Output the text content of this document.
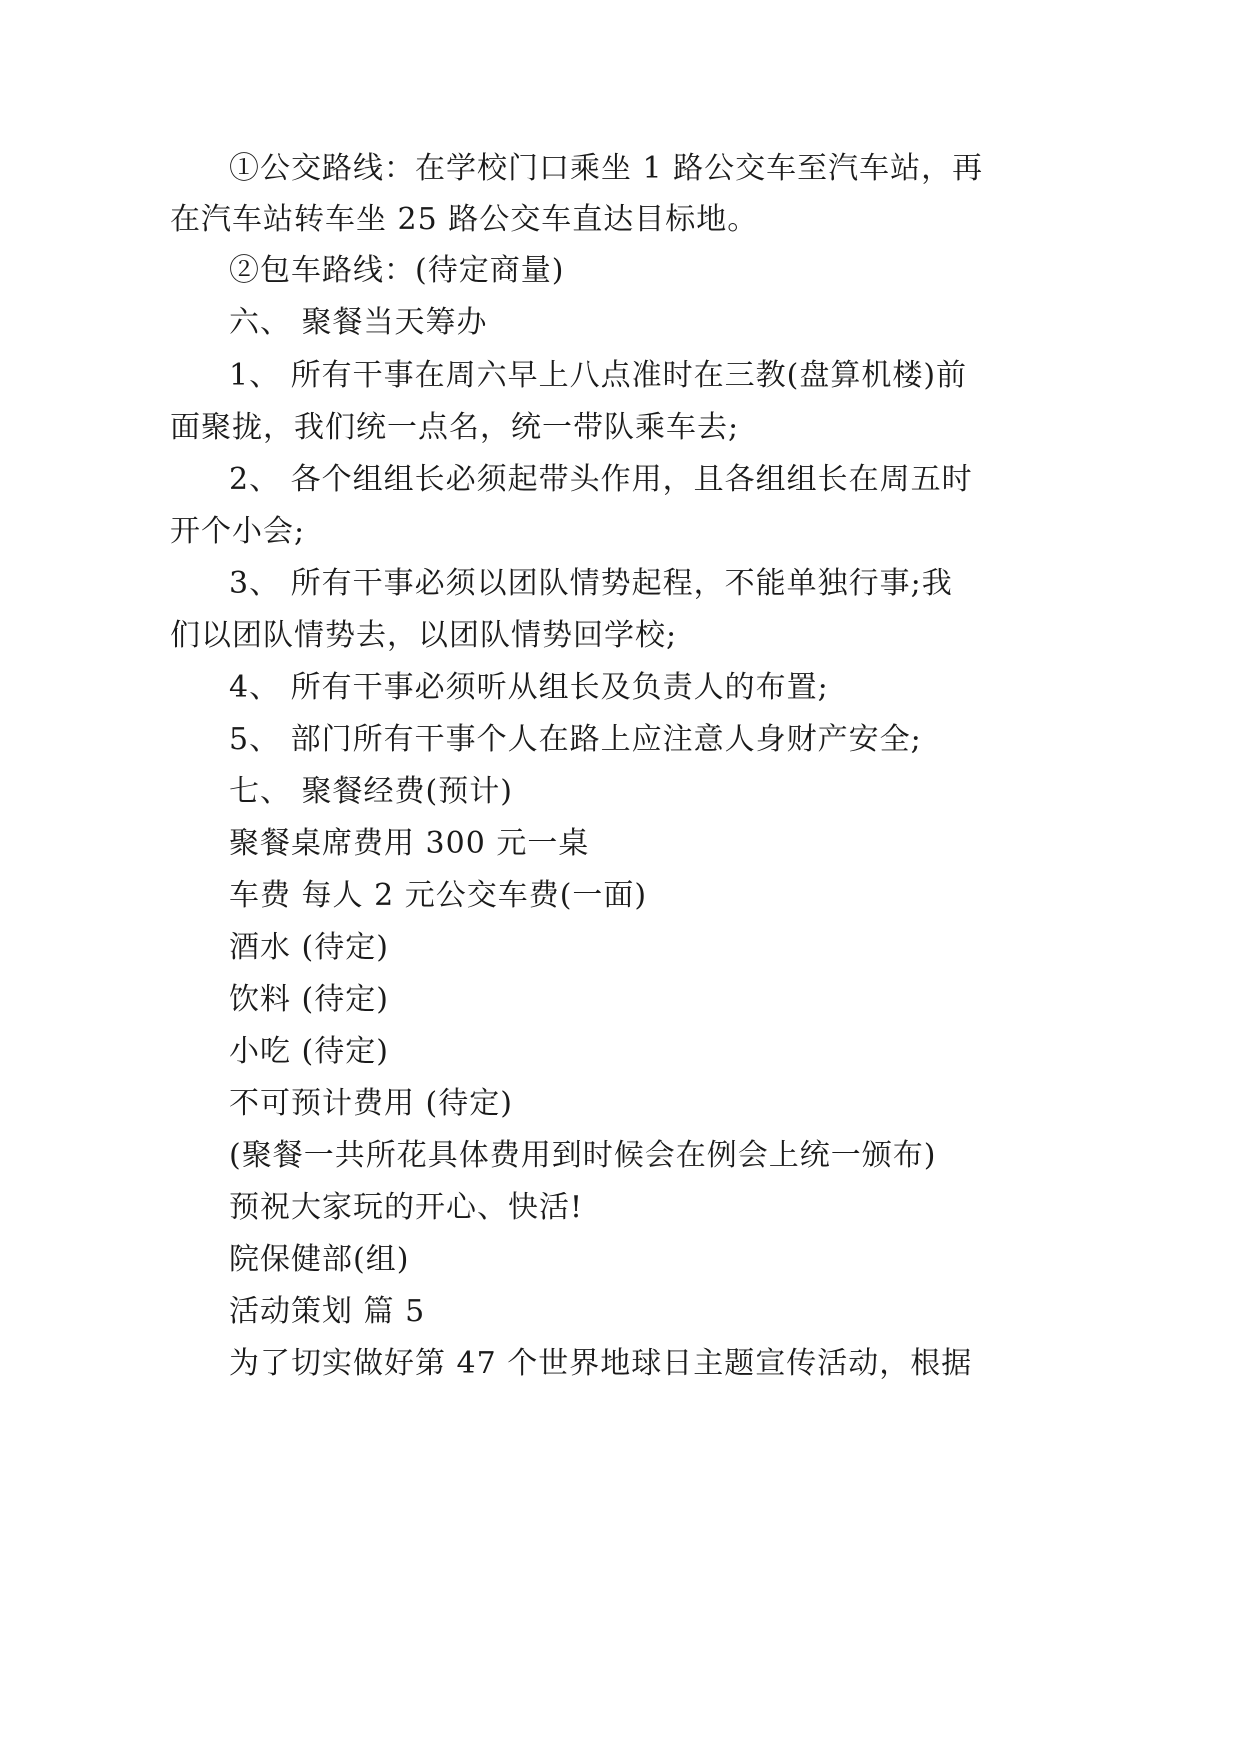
①公交路线：在学校门口乘坐 1 路公交车至汽车站，再
在汽车站转车坐 25 路公交车直达目标地。
②包车路线：(待定商量)
六、 聚餐当天筹办
1、 所有干事在周六早上八点准时在三教(盘算机楼)前
面聚拢，我们统一点名，统一带队乘车去;
2、 各个组组长必须起带头作用，且各组组长在周五时
开个小会;
3、 所有干事必须以团队情势起程，不能单独行事;我
们以团队情势去，以团队情势回学校;
4、 所有干事必须听从组长及负责人的布置;
5、 部门所有干事个人在路上应注意人身财产安全;
七、 聚餐经费(预计)
聚餐桌席费用 300 元一桌
车费 每人 2 元公交车费(一面)
酒水 (待定)
饮料 (待定)
小吃 (待定)
不可预计费用 (待定)
(聚餐一共所花具体费用到时候会在例会上统一颁布)
预祝大家玩的开心、快活!
院保健部(组)
活动策划 篇 5
为了切实做好第 47 个世界地球日主题宣传活动，根据
